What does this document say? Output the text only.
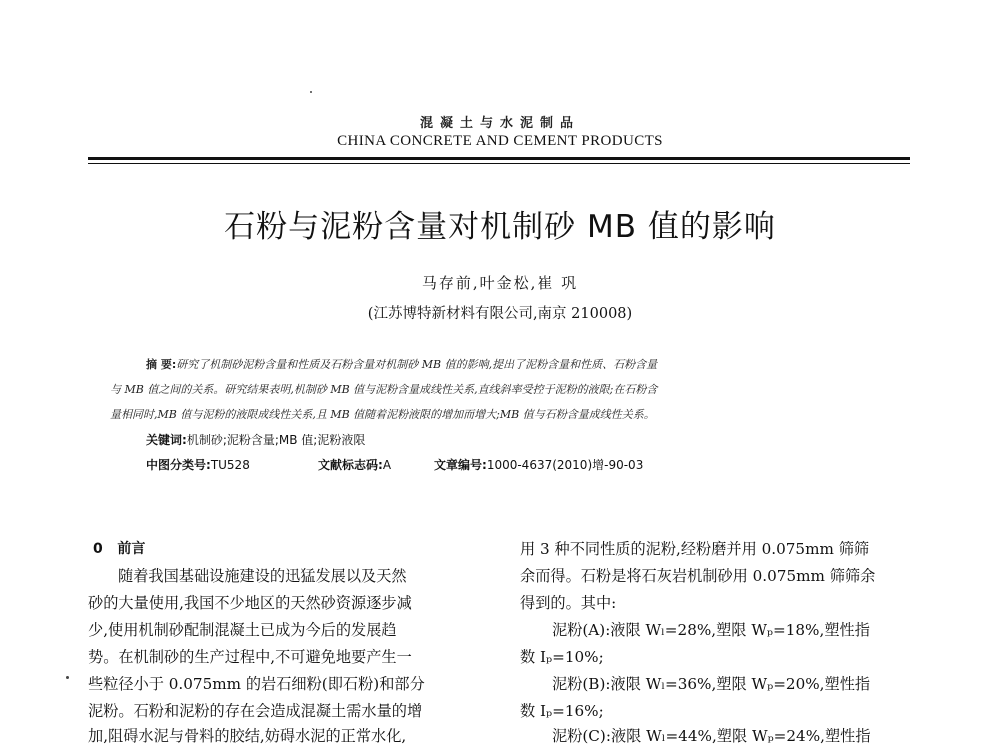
混凝土与水泥制品
CHINA CONCRETE AND CEMENT PRODUCTS
石粉与泥粉含量对机制砂 MB 值的影响
马存前,叶金松,崔 巩
(江苏博特新材料有限公司,南京 210008)
摘 要:研究了机制砂泥粉含量和性质及石粉含量对机制砂 MB 值的影响,提出了泥粉含量和性质、石粉含量
与 MB 值之间的关系。研究结果表明,机制砂 MB 值与泥粉含量成线性关系,直线斜率受控于泥粉的液限;在石粉含
量相同时,MB 值与泥粉的液限成线性关系,且 MB 值随着泥粉液限的增加而增大;MB 值与石粉含量成线性关系。
关键词:机制砂;泥粉含量;MB 值;泥粉液限
中图分类号:TU528	文献标志码:A	文章编号:1000-4637(2010)增-90-03
0 前言
随着我国基础设施建设的迅猛发展以及天然
砂的大量使用,我国不少地区的天然砂资源逐步减
少,使用机制砂配制混凝土已成为今后的发展趋
势。在机制砂的生产过程中,不可避免地要产生一
些粒径小于 0.075mm 的岩石细粉(即石粉)和部分
泥粉。石粉和泥粉的存在会造成混凝土需水量的增
加,阻碍水泥与骨料的胶结,妨碍水泥的正常水化,
用 3 种不同性质的泥粉,经粉磨并用 0.075mm 筛筛
余而得。石粉是将石灰岩机制砂用 0.075mm 筛筛余
得到的。其中:
泥粉(A):液限 Wₗ=28%,塑限 Wₚ=18%,塑性指
数 Iₚ=10%;
泥粉(B):液限 Wₗ=36%,塑限 Wₚ=20%,塑性指
数 Iₚ=16%;
泥粉(C):液限 Wₗ=44%,塑限 Wₚ=24%,塑性指
